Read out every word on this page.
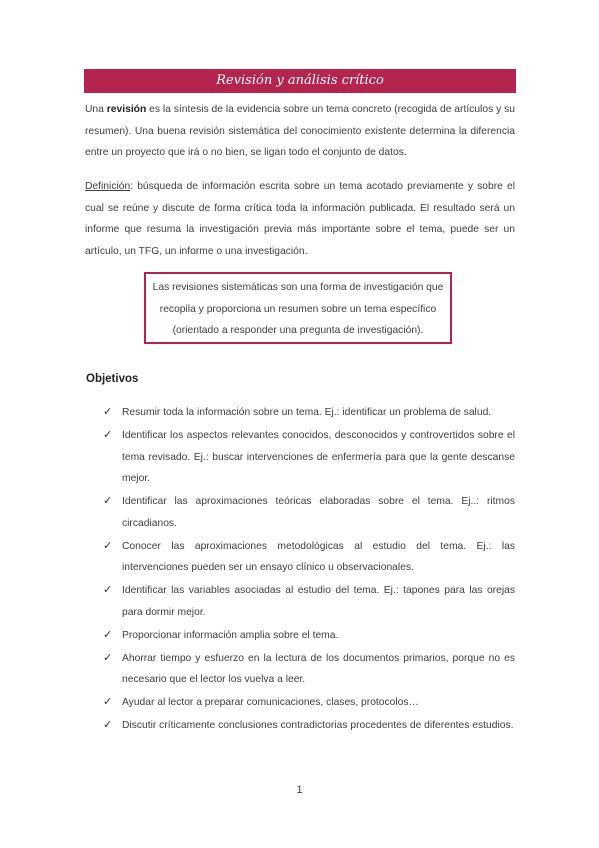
Revisión y análisis crítico

Una revisión es la síntesis de la evidencia sobre un tema concreto (recogida de artículos y su resumen). Una buena revisión sistemática del conocimiento existente determina la diferencia entre un proyecto que irá o no bien, se ligan todo el conjunto de datos.

Definición: búsqueda de información escrita sobre un tema acotado previamente y sobre el cual se reúne y discute de forma crítica toda la información publicada. El resultado será un informe que resuma la investigación previa más importante sobre el tema, puede ser un artículo, un TFG, un informe o una investigación.

Las revisiones sistemáticas son una forma de investigación que recopila y proporciona un resumen sobre un tema específico (orientado a responder una pregunta de investigación).
Objetivos
✓ Resumir toda la información sobre un tema. Ej.: identificar un problema de salud.
✓ Identificar los aspectos relevantes conocidos, desconocidos y controvertidos sobre el tema revisado. Ej.: buscar intervenciones de enfermería para que la gente descanse mejor.
✓ Identificar las aproximaciones teóricas elaboradas sobre el tema. Ej..: ritmos circadianos.
✓ Conocer las aproximaciones metodológicas al estudio del tema. Ej.: las intervenciones pueden ser un ensayo clínico u observacionales.
✓ Identificar las variables asociadas al estudio del tema. Ej.: tapones para las orejas para dormir mejor.
✓ Proporcionar información amplia sobre el tema.
✓ Ahorrar tiempo y esfuerzo en la lectura de los documentos primarios, porque no es necesario que el lector los vuelva a leer.
✓ Ayudar al lector a preparar comunicaciones, clases, protocolos…
✓ Discutir críticamente conclusiones contradictorias procedentes de diferentes estudios.
1
